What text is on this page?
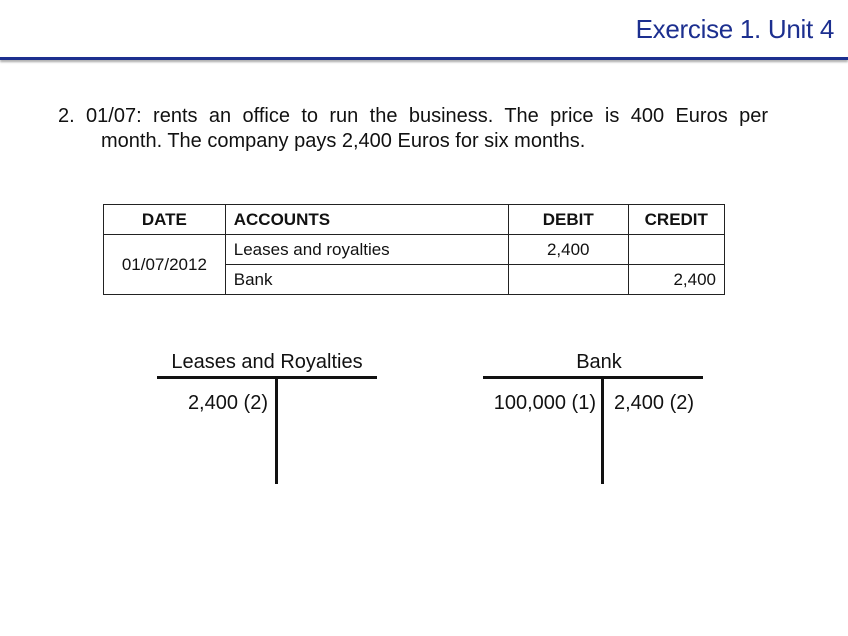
Exercise 1. Unit 4
2. 01/07: rents an office to run the business. The price is 400 Euros per
month. The company pays 2,400 Euros for six months.
DATE	ACCOUNTS	DEBIT	CREDIT
01/07/2012	Leases and royalties	2,400	
	Bank		2,400
Leases and Royalties
2,400 (2)
Bank
100,000 (1) 2,400 (2)
